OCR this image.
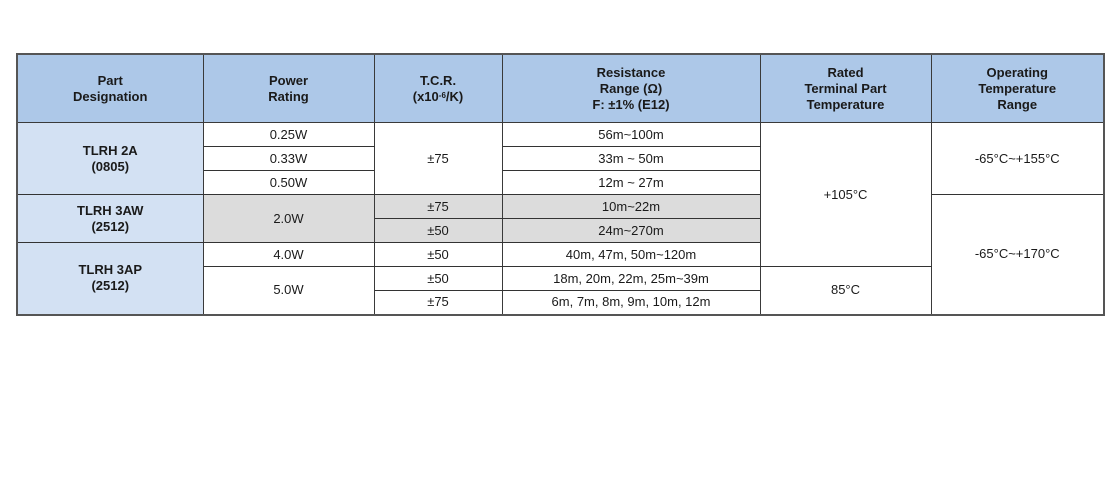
Part
Designation	Power
Rating	T.C.R.
$(x10^{-6}/K)$	Resistance
Range (Ω)
F: ±1% (E12)	Rated
Terminal Part
Temperature	Operating
Temperature
Range

TLRH 2A
(0805)	0.25W	±75	56m~100m	+105°C	-65°C~+155°C
	0.33W		33m ~ 50m		
	0.50W		12m ~ 27m		

TLRH 3AW
(2512)	2.0W	±75	10m~22m		-65°C~+170°C
		±50	24m~270m		

TLRH 3AP
(2512)	4.0W	±50	40m, 47m, 50m~120m		
	5.0W	±50	18m, 20m, 22m, 25m~39m	85°C	
		±75	6m, 7m, 8m, 9m, 10m, 12m		
